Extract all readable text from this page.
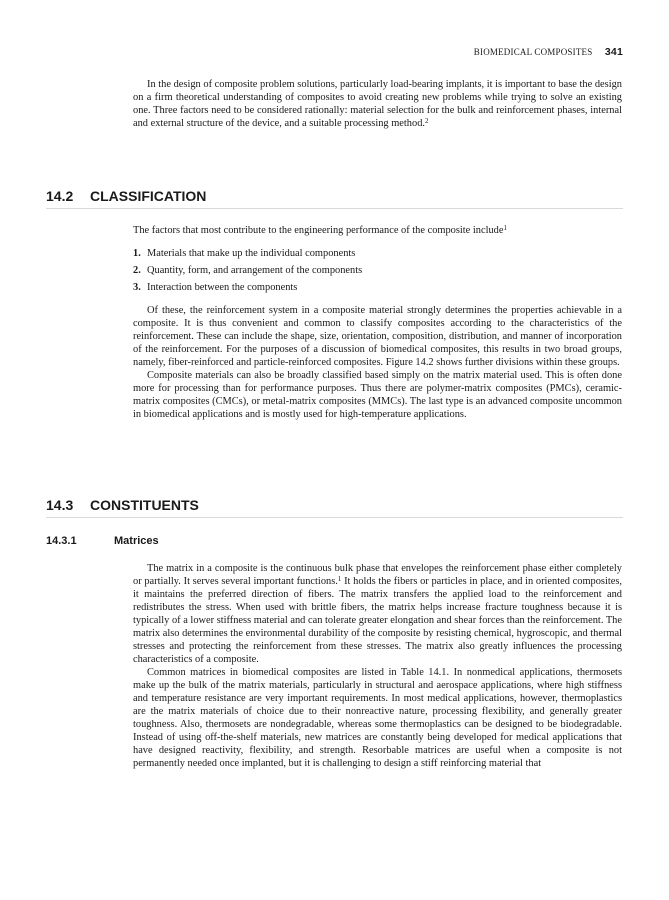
BIOMEDICAL COMPOSITES 341

In the design of composite problem solutions, particularly load-bearing implants, it is important to base the design on a firm theoretical understanding of composites to avoid creating new problems while trying to solve an existing one. Three factors need to be considered rationally: material selection for the bulk and reinforcement phases, internal and external structure of the device, and a suitable processing method.$^2$

14.2 CLASSIFICATION

The factors that most contribute to the engineering performance of the composite include$^1$

1. Materials that make up the individual components
2. Quantity, form, and arrangement of the components
3. Interaction between the components

Of these, the reinforcement system in a composite material strongly determines the properties achievable in a composite. It is thus convenient and common to classify composites according to the characteristics of the reinforcement. These can include the shape, size, orientation, composition, distribution, and manner of incorporation of the reinforcement. For the purposes of a discussion of biomedical composites, this results in two broad groups, namely, fiber-reinforced and particle-reinforced composites. Figure 14.2 shows further divisions within these groups.

Composite materials can also be broadly classified based simply on the matrix material used. This is often done more for processing than for performance purposes. Thus there are polymer-matrix composites (PMCs), ceramic-matrix composites (CMCs), or metal-matrix composites (MMCs). The last type is an advanced composite uncommon in biomedical applications and is mostly used for high-temperature applications.

14.3 CONSTITUENTS
14.3.1	Matrices

The matrix in a composite is the continuous bulk phase that envelopes the reinforcement phase either completely or partially. It serves several important functions.$^1$ It holds the fibers or particles in place, and in oriented composites, it maintains the preferred direction of fibers. The matrix transfers the applied load to the reinforcement and redistributes the stress. When used with brittle fibers, the matrix helps increase fracture toughness because it is typically of a lower stiffness material and can tolerate greater elongation and shear forces than the reinforcement. The matrix also determines the environmental durability of the composite by resisting chemical, hygroscopic, and thermal stresses and protecting the reinforcement from these stresses. The matrix also greatly influences the processing characteristics of a composite.

Common matrices in biomedical composites are listed in Table 14.1. In nonmedical applications, thermosets make up the bulk of the matrix materials, particularly in structural and aerospace applications, where high stiffness and temperature resistance are very important requirements. In most medical applications, however, thermoplastics are the matrix materials of choice due to their nonreactive nature, processing flexibility, and generally greater toughness. Also, thermosets are nondegradable, whereas some thermoplastics can be designed to be biodegradable. Instead of using off-the-shelf materials, new matrices are constantly being developed for medical applications that have designed reactivity, flexibility, and strength. Resorbable matrices are useful when a composite is not permanently needed once implanted, but it is challenging to design a stiff reinforcing material that
